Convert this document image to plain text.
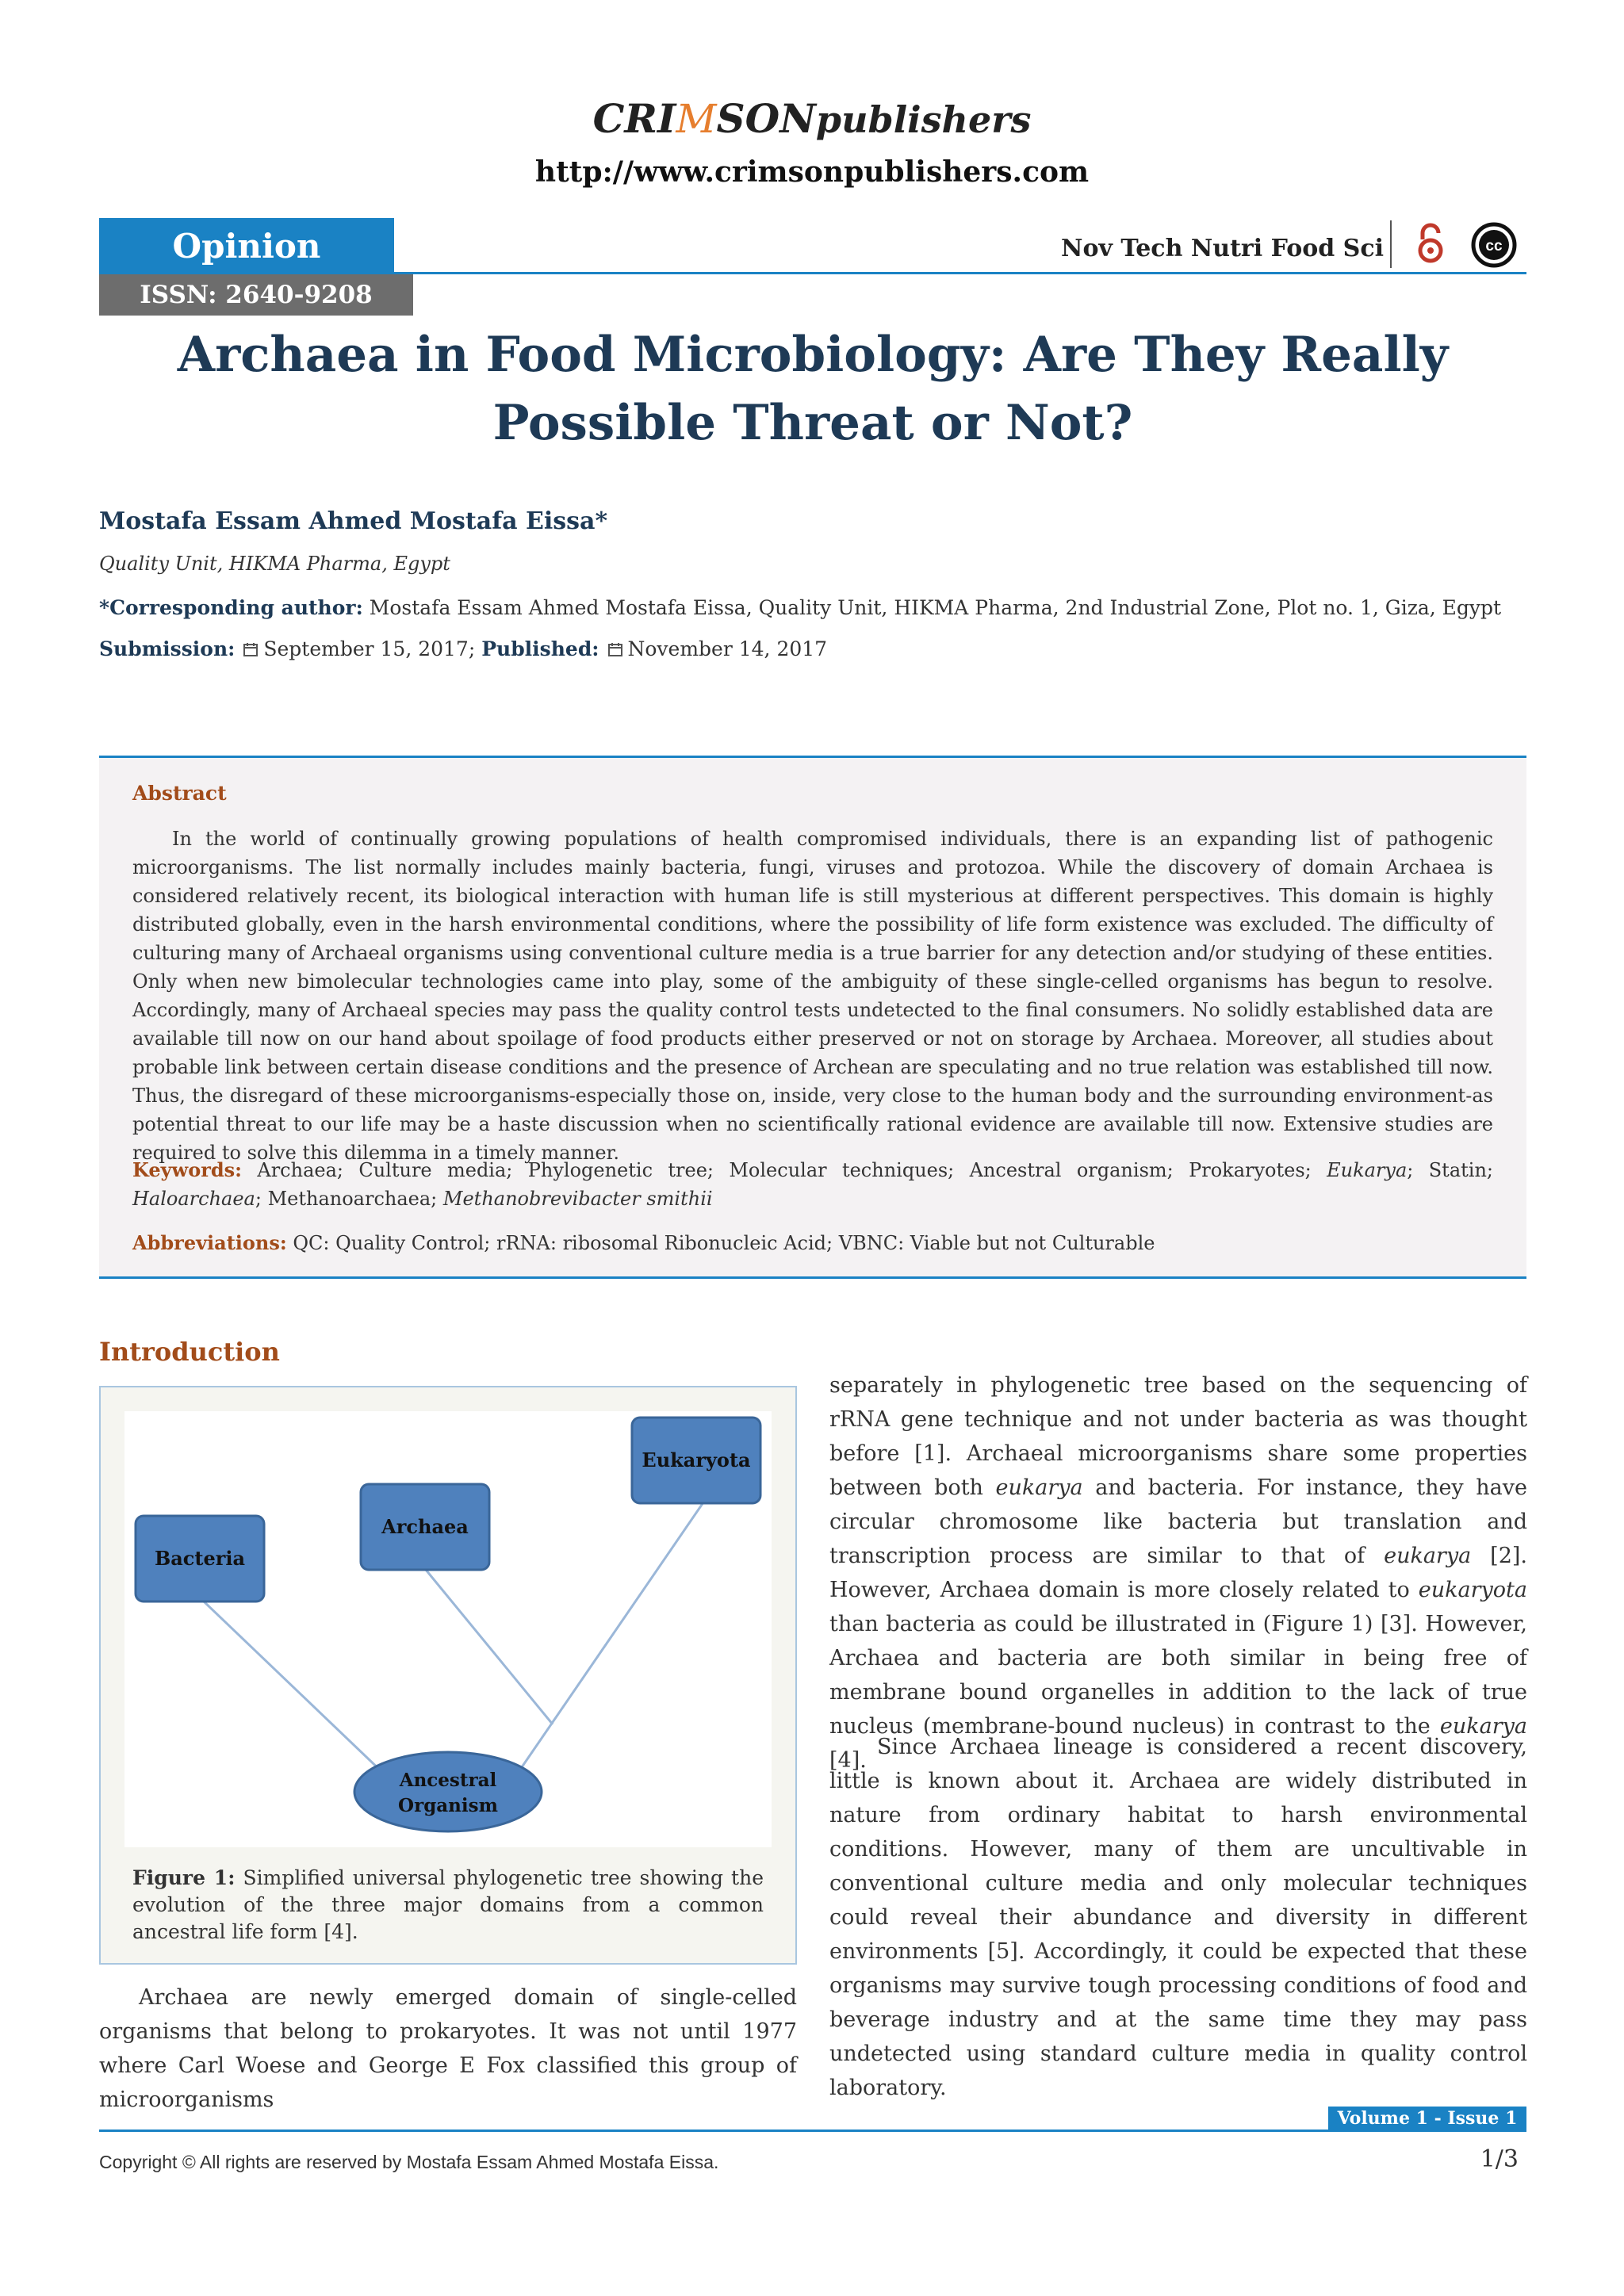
CRIMSONpublishers
http://www.crimsonpublishers.com
Opinion
ISSN: 2640-9208
Nov Tech Nutri Food Sci	cc
Archaea in Food Microbiology: Are They Really
Possible Threat or Not?
Mostafa Essam Ahmed Mostafa Eissa*
Quality Unit, HIKMA Pharma, Egypt
*Corresponding author: Mostafa Essam Ahmed Mostafa Eissa, Quality Unit, HIKMA Pharma, 2nd Industrial Zone, Plot no. 1, Giza, Egypt
Submission: September 15, 2017; Published: November 14, 2017
Abstract
In the world of continually growing populations of health compromised individuals, there is an expanding list of pathogenic microorganisms. The list normally includes mainly bacteria, fungi, viruses and protozoa. While the discovery of domain Archaea is considered relatively recent, its biological interaction with human life is still mysterious at different perspectives. This domain is highly distributed globally, even in the harsh environmental conditions, where the possibility of life form existence was excluded. The difficulty of culturing many of Archaeal organisms using conventional culture media is a true barrier for any detection and/or studying of these entities. Only when new bimolecular technologies came into play, some of the ambiguity of these single-celled organisms has begun to resolve. Accordingly, many of Archaeal species may pass the quality control tests undetected to the final consumers. No solidly established data are available till now on our hand about spoilage of food products either preserved or not on storage by Archaea. Moreover, all studies about probable link between certain disease conditions and the presence of Archean are speculating and no true relation was established till now. Thus, the disregard of these microorganisms-especially those on, inside, very close to the human body and the surrounding environment-as potential threat to our life may be a haste discussion when no scientifically rational evidence are available till now. Extensive studies are required to solve this dilemma in a timely manner.
Keywords: Archaea; Culture media; Phylogenetic tree; Molecular techniques; Ancestral organism; Prokaryotes; Eukarya; Statin; Haloarchaea; Methanoarchaea; Methanobrevibacter smithii
Abbreviations: QC: Quality Control; rRNA: ribosomal Ribonucleic Acid; VBNC: Viable but not Culturable
Introduction
Bacteria
Archaea
Eukaryota
Ancestral
Organism
Figure 1: Simplified universal phylogenetic tree showing the evolution of the three major domains from a common ancestral life form [4].
Archaea are newly emerged domain of single-celled organisms that belong to prokaryotes. It was not until 1977 where Carl Woese and George E Fox classified this group of microorganisms
separately in phylogenetic tree based on the sequencing of rRNA gene technique and not under bacteria as was thought before [1]. Archaeal microorganisms share some properties between both eukarya and bacteria. For instance, they have circular chromosome like bacteria but translation and transcription process are similar to that of eukarya [2]. However, Archaea domain is more closely related to eukaryota than bacteria as could be illustrated in (Figure 1) [3]. However, Archaea and bacteria are both similar in being free of membrane bound organelles in addition to the lack of true nucleus (membrane-bound nucleus) in contrast to the eukarya [4].
Since Archaea lineage is considered a recent discovery, little is known about it. Archaea are widely distributed in nature from ordinary habitat to harsh environmental conditions. However, many of them are uncultivable in conventional culture media and only molecular techniques could reveal their abundance and diversity in different environments [5]. Accordingly, it could be expected that these organisms may survive tough processing conditions of food and beverage industry and at the same time they may pass undetected using standard culture media in quality control laboratory.
Volume 1 - Issue 1
Copyright © All rights are reserved by Mostafa Essam Ahmed Mostafa Eissa.	1/3
